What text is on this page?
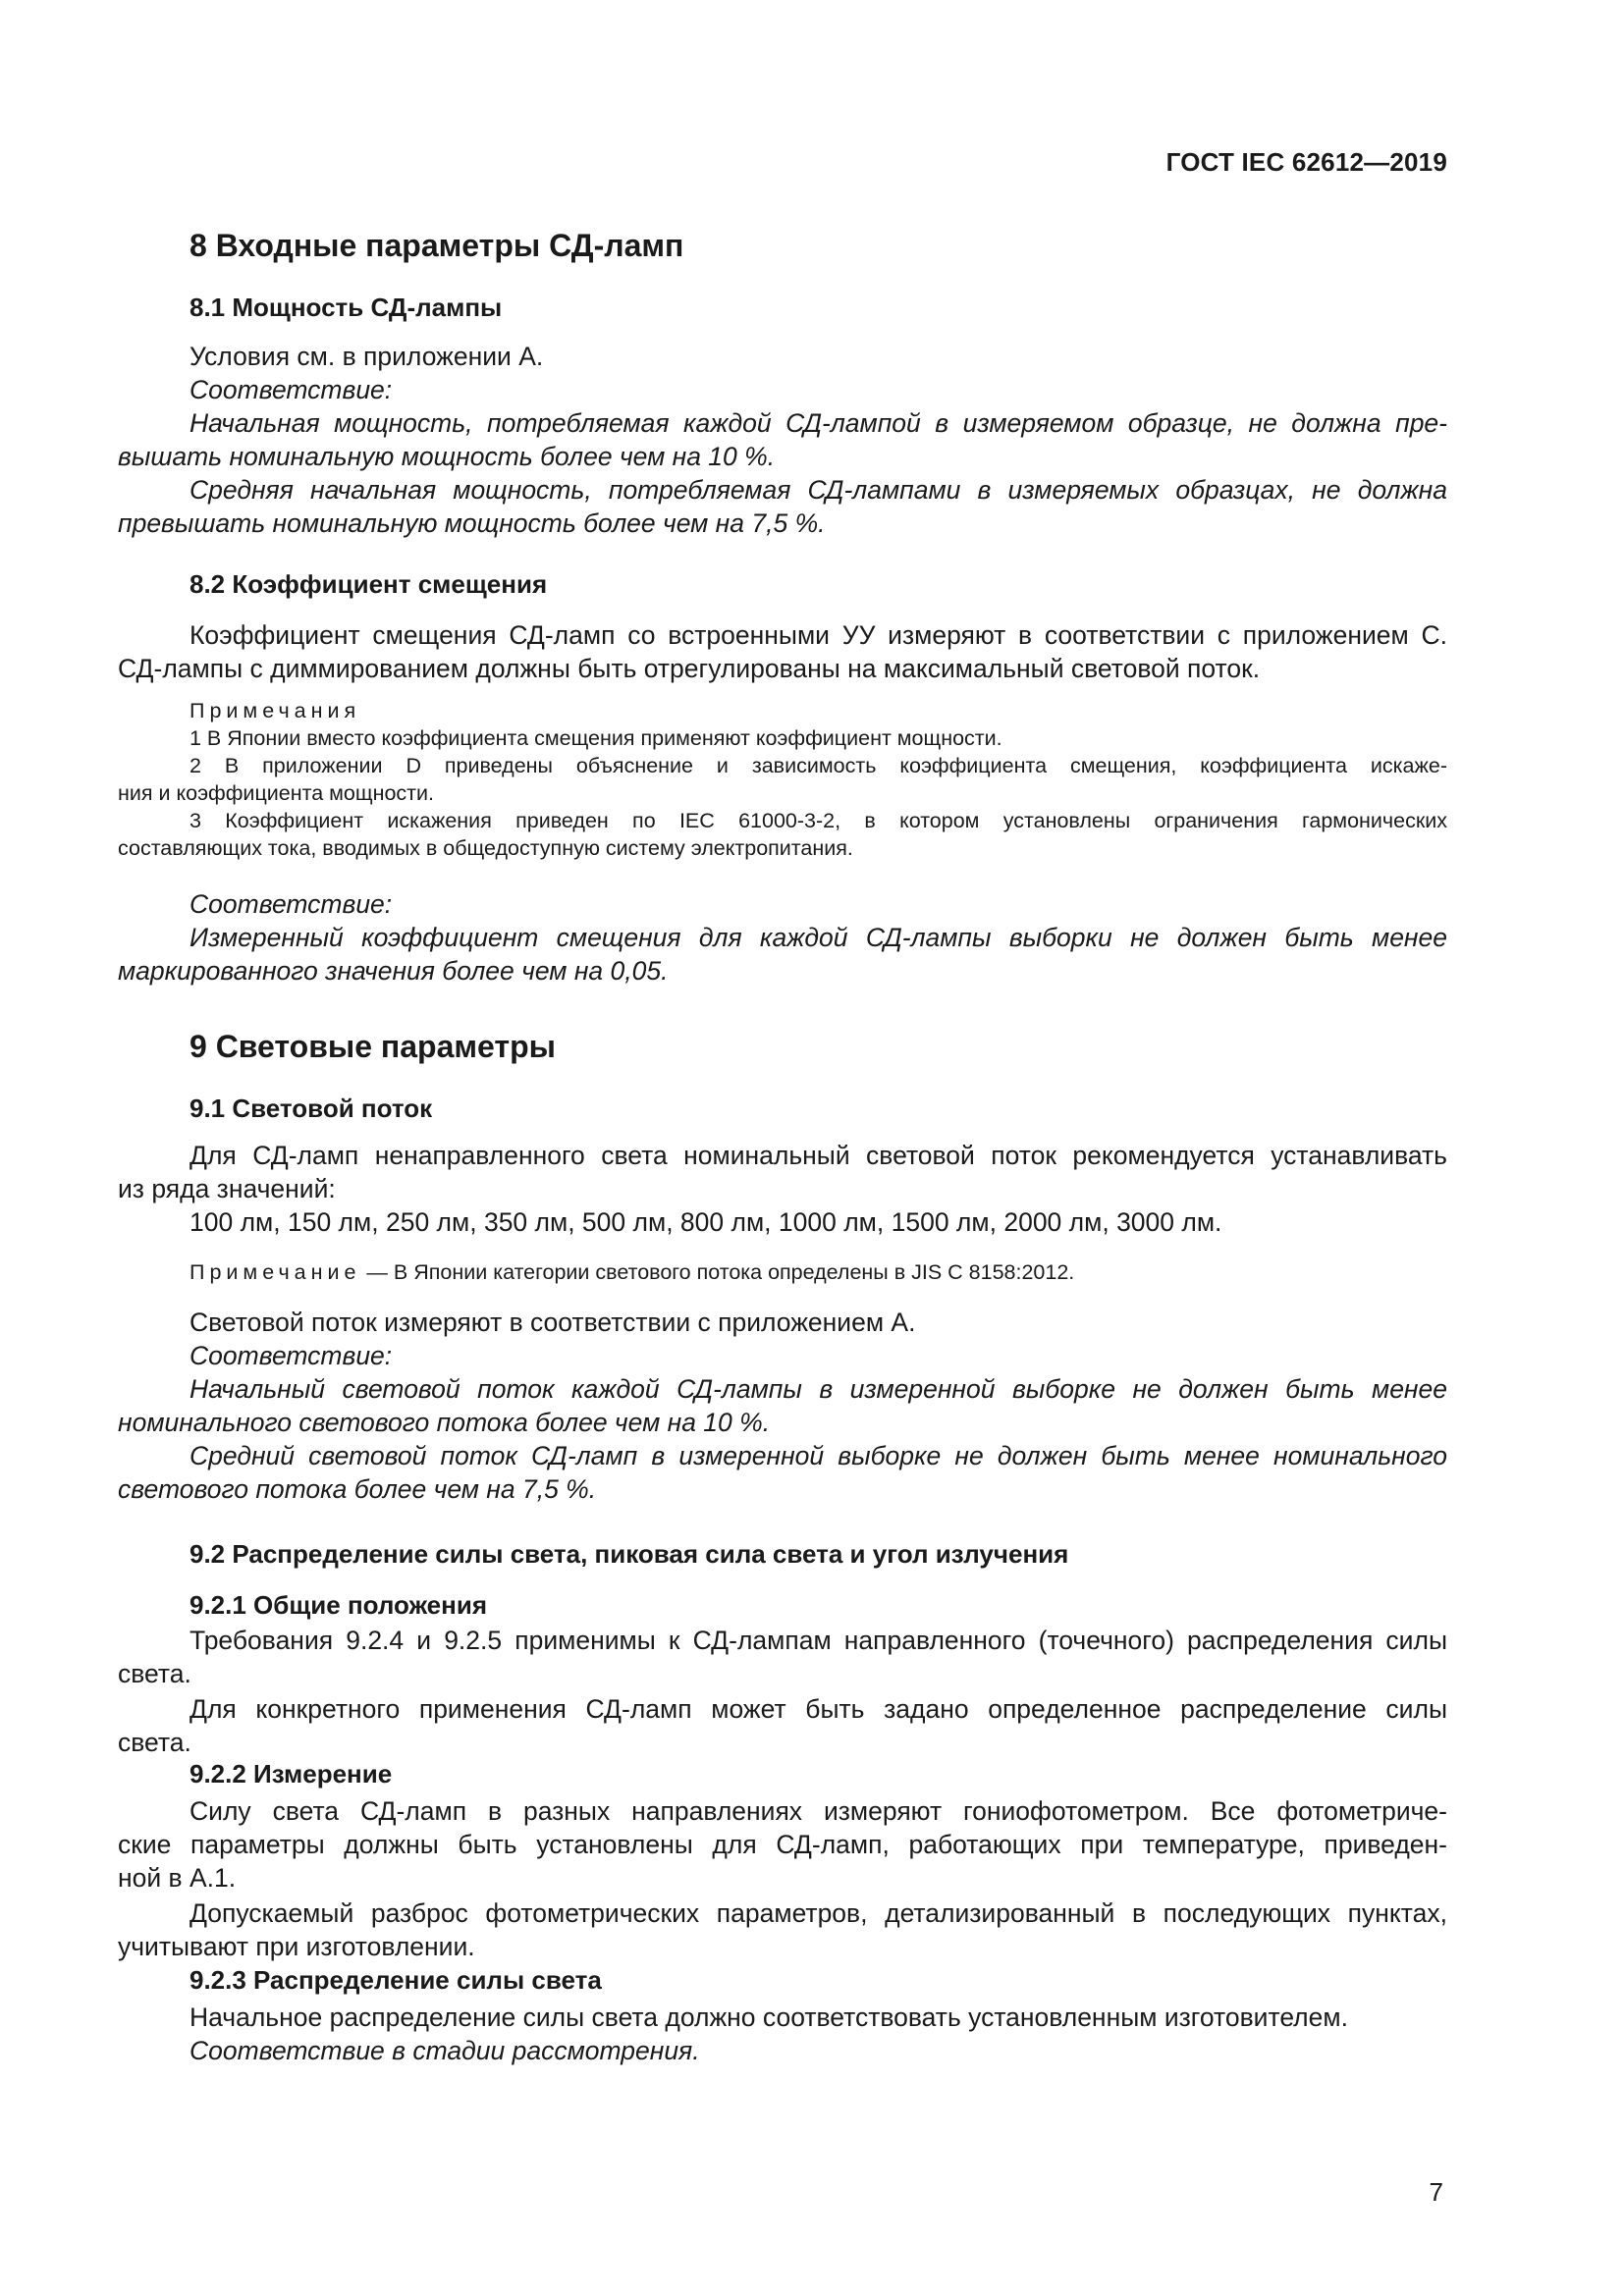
ГОСТ IEC 62612—2019
8 Входные параметры СД-ламп
8.1 Мощность СД-лампы
Условия см. в приложении А.
Соответствие:
Начальная мощность, потребляемая каждой СД-лампой в измеряемом образце, не должна пре-
вышать номинальную мощность более чем на 10 %.
Средняя начальная мощность, потребляемая СД-лампами в измеряемых образцах, не должна
превышать номинальную мощность более чем на 7,5 %.
8.2 Коэффициент смещения
Коэффициент смещения СД-ламп со встроенными УУ измеряют в соответствии с приложением С.
СД-лампы с диммированием должны быть отрегулированы на максимальный световой поток.
Примечания
1 В Японии вместо коэффициента смещения применяют коэффициент мощности.
2 В приложении D приведены объяснение и зависимость коэффициента смещения, коэффициента искаже-
ния и коэффициента мощности.
3 Коэффициент искажения приведен по IEC 61000-3-2, в котором установлены ограничения гармонических
составляющих тока, вводимых в общедоступную систему электропитания.
Соответствие:
Измеренный коэффициент смещения для каждой СД-лампы выборки не должен быть менее
маркированного значения более чем на 0,05.
9 Световые параметры
9.1 Световой поток
Для СД-ламп ненаправленного света номинальный световой поток рекомендуется устанавливать
из ряда значений:
100 лм, 150 лм, 250 лм, 350 лм, 500 лм, 800 лм, 1000 лм, 1500 лм, 2000 лм, 3000 лм.
Примечание — В Японии категории светового потока определены в JIS С 8158:2012.
Световой поток измеряют в соответствии с приложением А.
Соответствие:
Начальный световой поток каждой СД-лампы в измеренной выборке не должен быть менее
номинального светового потока более чем на 10 %.
Средний световой поток СД-ламп в измеренной выборке не должен быть менее номинального
светового потока более чем на 7,5 %.
9.2 Распределение силы света, пиковая сила света и угол излучения
9.2.1 Общие положения
Требования 9.2.4 и 9.2.5 применимы к СД-лампам направленного (точечного) распределения силы
света.
Для конкретного применения СД-ламп может быть задано определенное распределение силы
света.
9.2.2 Измерение
Силу света СД-ламп в разных направлениях измеряют гониофотометром. Все фотометриче-
ские параметры должны быть установлены для СД-ламп, работающих при температуре, приведен-
ной в А.1.
Допускаемый разброс фотометрических параметров, детализированный в последующих пунктах,
учитывают при изготовлении.
9.2.3 Распределение силы света
Начальное распределение силы света должно соответствовать установленным изготовителем.
Соответствие в стадии рассмотрения.
7
